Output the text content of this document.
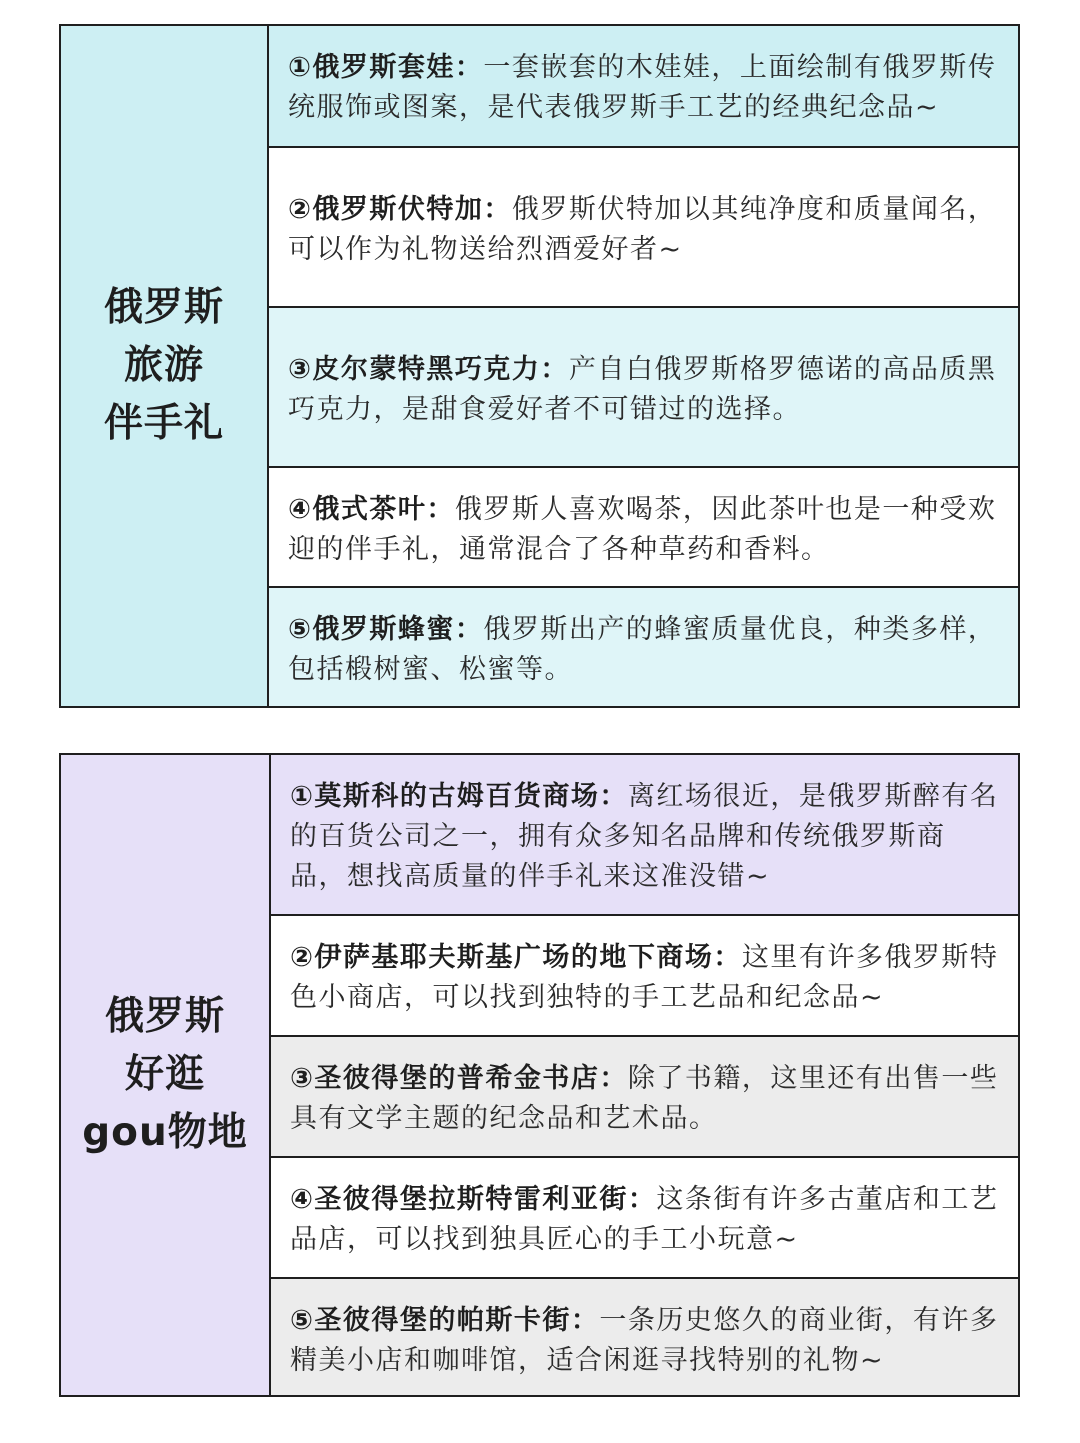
俄罗斯
旅游
伴手礼
①俄罗斯套娃：一套嵌套的木娃娃，上面绘制有俄罗斯传统服饰或图案，是代表俄罗斯手工艺的经典纪念品~
②俄罗斯伏特加：俄罗斯伏特加以其纯净度和质量闻名，可以作为礼物送给烈酒爱好者~
③皮尔蒙特黑巧克力：产自白俄罗斯格罗德诺的高品质黑巧克力，是甜食爱好者不可错过的选择。
④俄式茶叶：俄罗斯人喜欢喝茶，因此茶叶也是一种受欢迎的伴手礼，通常混合了各种草药和香料。
⑤俄罗斯蜂蜜：俄罗斯出产的蜂蜜质量优良，种类多样，包括椴树蜜、松蜜等。
俄罗斯
好逛
gou物地
①莫斯科的古姆百货商场：离红场很近，是俄罗斯醉有名的百货公司之一，拥有众多知名品牌和传统俄罗斯商品，想找高质量的伴手礼来这准没错~
②伊萨基耶夫斯基广场的地下商场：这里有许多俄罗斯特色小商店，可以找到独特的手工艺品和纪念品~
③圣彼得堡的普希金书店：除了书籍，这里还有出售一些具有文学主题的纪念品和艺术品。
④圣彼得堡拉斯特雷利亚街：这条街有许多古董店和工艺品店，可以找到独具匠心的手工小玩意~
⑤圣彼得堡的帕斯卡街：一条历史悠久的商业街，有许多精美小店和咖啡馆，适合闲逛寻找特别的礼物~
